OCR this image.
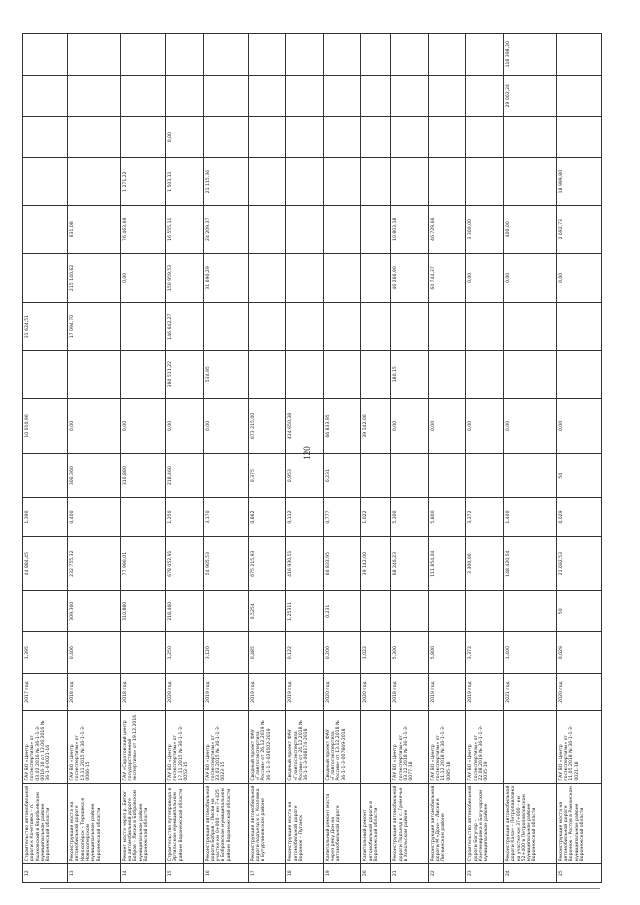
120
12	Строительство автомобильной дороги к Кочетовка – п. Ушаковский в Воробьевском муниципальном районе Воронежской области	ГАУ ВО «Центр госэкспертизы» от 03.02.2016 № 36-1-1-3-0016-16 от 13.06.2016 № 36-1-6-0021-16	2017 год	1,395		44 884,45	1,390		10 010,90		31 624,51						
13	Реконструкция моста на автомобильной дороге Новохопёрск – Терновка в Новохоперском муниципальном районе Воронежской области	ГАУ ВО «Центр госэкспертизы» от 13.11.2015 № 36-1-1-3-0066-15	2018 год	0,406	309,360	232 755,32	0,400	300,360	0,00		17 094,70	215 140,62	631,08				
14	Ремонт моста через р. Битюг на автомобильной дороге Бобров – Лиски в Бобровском муниципальном районе Воронежской области	ГАУ «Саратовский центр государственной экспертизы» от 19.12.2016	2018 год		310,880	77 990,01		310,880	0,00			0,00	76 463,69	1 271,22			
15	Строительство путепровода в Эртильском муниципальном районе Воронежской области	ГАУ ВО «Центр госэкспертизы» от 17.11.2015 № 36-1-1-3-0052-15	2020 год	1,250	218,460	678 052,91	1,250	218,460	0,00	380 511,22	146 642,27	150 959,53	16 555,11	1 503,11	0,00		
16	Реконструкция автомобильной дороги Бобров – Лиски на участке км 0+000 – км 7+425 в Бобровском муниципальном районе Воронежской области	ГАУ ВО «Центр госэкспертизы» от 23.03.2015 № 36-1-1-3-0023-15	2019 год	3,120		54 905,53	3,170		0,00	534,95		31 690,29	24 209,37	21 115,36			
17	Реконструкция автомобильной дороги подъезд к с. Козловка в Бутурлиновском районе	Сводный проект ФАУ «Главгосэкспертиза России» от 26.12.2019 № 36-1-1-3-036502-2019	2019 год	0,485	0,5254	675 215,93	0,862	0,375	673 215,00								
18	Реконструкция моста на автомобильной дороге Воронеж – Луганск	Сводный проект ФАУ «Главгосэкспертиза России» от 24.12.2018 № 36-1-1-3-008174-2018	2019 год	0,122	1,25311	416 930,51	0,112	0,953	414 650,38								
19	Капитальный ремонт моста через реку Дон на автомобильной дороге	Сводный проект ФАУ «Главгосэкспертиза России» от 13.12.2018 № 36-1-1-3-007869-2018	2020 год	0,200	0,231	66 833,95	0,777	0,231	66 833,95								
20	Капитальный ремонт автомобильной дороги в Воронежской области		2020 год	1,022		39 142,00	1,022		39 142,00								
21	Реконструкция автомобильной дороги Подъезд к с. Гремячье в Хохольском районе	ГАУ ВО «Центр госэкспертизы» от 03.12.2018 № 36-1-1-3-0077-18	2018 год	5,300		68 246,23	5,300		0,00	180,15		46 266,90	10 803,18				
22	Реконструкция автомобильной дороги М «Дон» – Лиски в Лискинском районе	ГАУ ВО «Центр госэкспертизы» от 11.12.2018 № 36-1-1-3-0085-18	2019 год	5,800		111 854,04	5,800		0,00			64 744,37	46 729,66				
23	Строительство автомобильной дороги Богучар – Кантемировка в Богучарском муниципальном районе	ГАУ ВО «Центр госэкспертизы» от 22.08.2019 № 36-1-1-3-0035-19	2019 год	3,372		3 300,00	3,372		0,00			0,00	3 300,00				
24	Реконструкция автомобильной дороги Калач – Петропавловка на участке км 37+000 – км 52+400 в Петропавловском муниципальном районе Воронежской области		2021 год	1,400		148 420,54	1,400		0,00			0,00	400,00			29 002,24	118 398,30
25	Реконструкция моста на автомобильной дороге Воронеж – Ростов в Рамонском муниципальном районе Воронежской области	ГАУ ВО «Центр госэкспертизы» от 11.05.2018 № 36-1-1-3-0021-18	2020 год	0,029	50	21 692,53	0,029	50	0,00			0,00	2 692,73	18 999,80			
